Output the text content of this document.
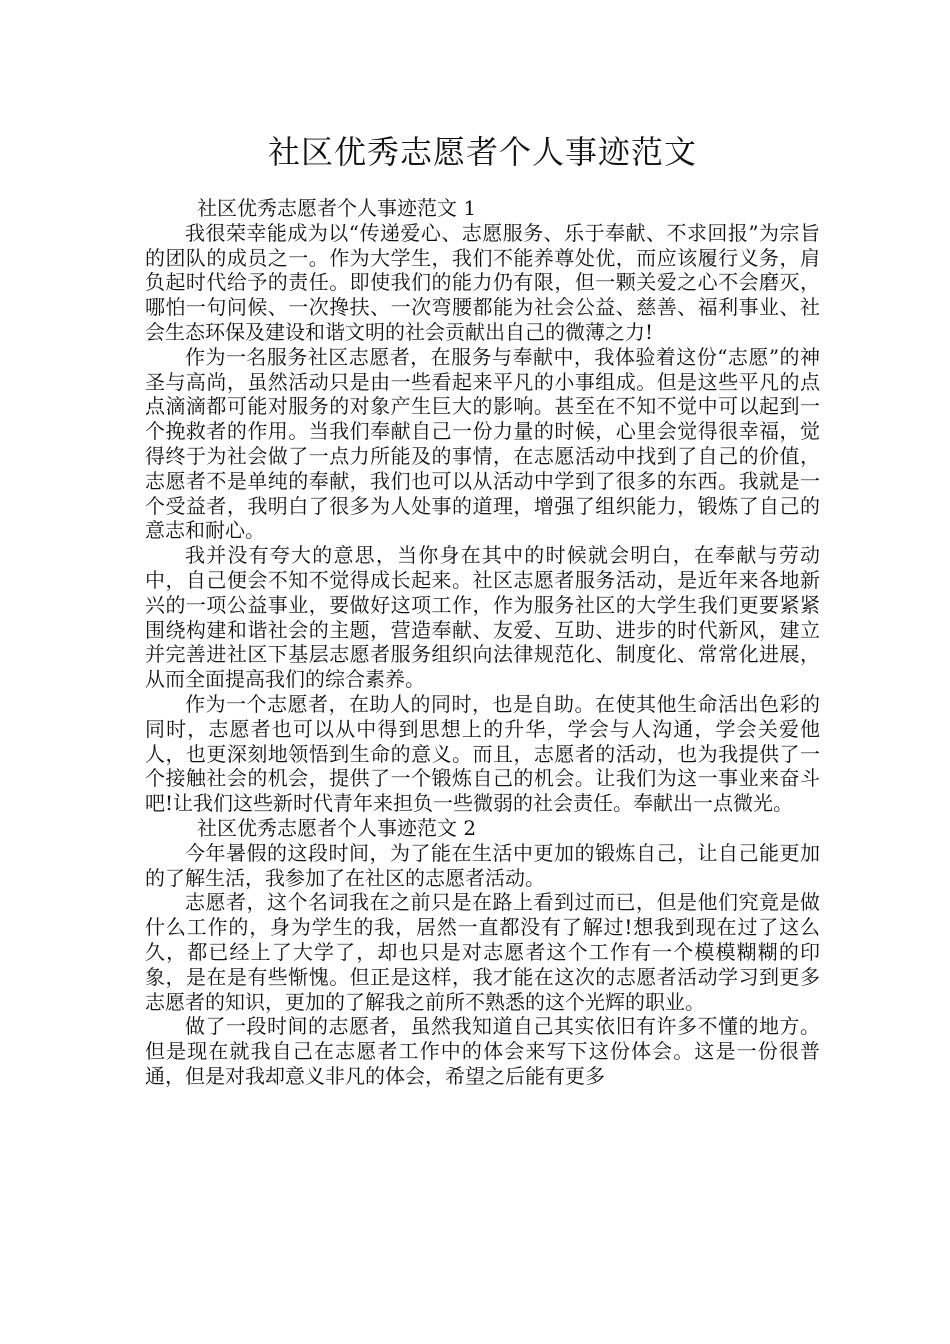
社区优秀志愿者个人事迹范文
社区优秀志愿者个人事迹范文 1

我很荣幸能成为以“传递爱心、志愿服务、乐于奉献、不求回报”为宗旨的团队的成员之一。作为大学生，我们不能养尊处优，而应该履行义务，肩负起时代给予的责任。即使我们的能力仍有限，但一颗关爱之心不会磨灭，哪怕一句问候、一次搀扶、一次弯腰都能为社会公益、慈善、福利事业、社会生态环保及建设和谐文明的社会贡献出自己的微薄之力!

作为一名服务社区志愿者，在服务与奉献中，我体验着这份“志愿”的神圣与高尚，虽然活动只是由一些看起来平凡的小事组成。但是这些平凡的点点滴滴都可能对服务的对象产生巨大的影响。甚至在不知不觉中可以起到一个挽救者的作用。当我们奉献自己一份力量的时候，心里会觉得很幸福，觉得终于为社会做了一点力所能及的事情，在志愿活动中找到了自己的价值，志愿者不是单纯的奉献，我们也可以从活动中学到了很多的东西。我就是一个受益者，我明白了很多为人处事的道理，增强了组织能力，锻炼了自己的意志和耐心。

我并没有夸大的意思，当你身在其中的时候就会明白，在奉献与劳动中，自己便会不知不觉得成长起来。社区志愿者服务活动，是近年来各地新兴的一项公益事业，要做好这项工作，作为服务社区的大学生我们更要紧紧围绕构建和谐社会的主题，营造奉献、友爱、互助、进步的时代新风，建立并完善进社区下基层志愿者服务组织向法律规范化、制度化、常常化进展，从而全面提高我们的综合素养。

作为一个志愿者，在助人的同时，也是自助。在使其他生命活出色彩的同时，志愿者也可以从中得到思想上的升华，学会与人沟通，学会关爱他人，也更深刻地领悟到生命的意义。而且，志愿者的活动，也为我提供了一个接触社会的机会，提供了一个锻炼自己的机会。让我们为这一事业来奋斗吧!让我们这些新时代青年来担负一些微弱的社会责任。奉献出一点微光。

社区优秀志愿者个人事迹范文 2

今年暑假的这段时间，为了能在生活中更加的锻炼自己，让自己能更加的了解生活，我参加了在社区的志愿者活动。

志愿者，这个名词我在之前只是在路上看到过而已，但是他们究竟是做什么工作的，身为学生的我，居然一直都没有了解过!想我到现在过了这么久，都已经上了大学了，却也只是对志愿者这个工作有一个模模糊糊的印象，是在是有些惭愧。但正是这样，我才能在这次的志愿者活动学习到更多志愿者的知识，更加的了解我之前所不熟悉的这个光辉的职业。

做了一段时间的志愿者，虽然我知道自己其实依旧有许多不懂的地方。但是现在就我自己在志愿者工作中的体会来写下这份体会。这是一份很普通，但是对我却意义非凡的体会，希望之后能有更多
